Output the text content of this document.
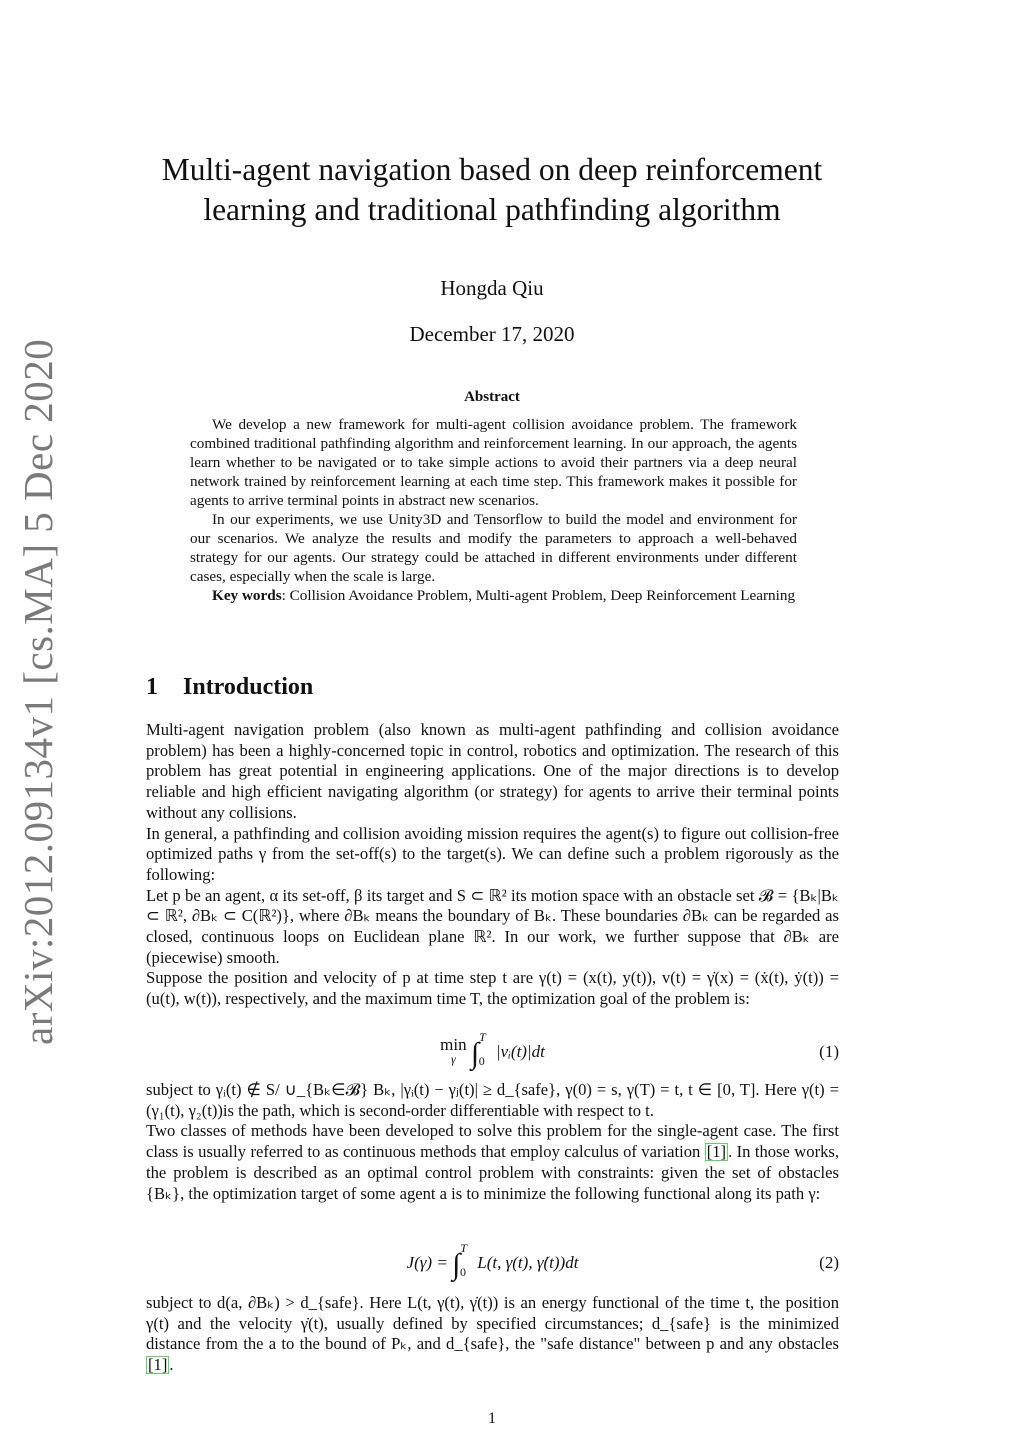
arXiv:2012.09134v1 [cs.MA] 5 Dec 2020
Multi-agent navigation based on deep reinforcement
learning and traditional pathfinding algorithm
Hongda Qiu
December 17, 2020
Abstract

We develop a new framework for multi-agent collision avoidance problem. The framework combined traditional pathfinding algorithm and reinforcement learning. In our approach, the agents learn whether to be navigated or to take simple actions to avoid their partners via a deep neural network trained by reinforcement learning at each time step. This framework makes it possible for agents to arrive terminal points in abstract new scenarios.

In our experiments, we use Unity3D and Tensorflow to build the model and environment for our scenarios. We analyze the results and modify the parameters to approach a well-behaved strategy for our agents. Our strategy could be attached in different environments under different cases, especially when the scale is large.

Key words: Collision Avoidance Problem, Multi-agent Problem, Deep Reinforcement Learning

1 Introduction

Multi-agent navigation problem (also known as multi-agent pathfinding and collision avoidance problem) has been a highly-concerned topic in control, robotics and optimization. The research of this problem has great potential in engineering applications. One of the major directions is to develop reliable and high efficient navigating algorithm (or strategy) for agents to arrive their terminal points without any collisions.

In general, a pathfinding and collision avoiding mission requires the agent(s) to figure out collision-free optimized paths γ from the set-off(s) to the target(s). We can define such a problem rigorously as the following:

Let p be an agent, α its set-off, β its target and S ⊂ ℝ² its motion space with an obstacle set 𝓑 = {Bₖ|Bₖ ⊂ ℝ², ∂Bₖ ⊂ C(ℝ²)}, where ∂Bₖ means the boundary of Bₖ. These boundaries ∂Bₖ can be regarded as closed, continuous loops on Euclidean plane ℝ². In our work, we further suppose that ∂Bₖ are (piecewise) smooth.

Suppose the position and velocity of p at time step t are γ(t) = (x(t), y(t)), v(t) = γ̇(x) = (ẋ(t), ẏ(t)) = (u(t), w(t)), respectively, and the maximum time T, the optimization goal of the problem is:

min
γ ∫$^T_0$ |vᵢ(t)|dt	(1)

subject to γᵢ(t) ∉ S/ ∪_{Bₖ∈𝓑} Bₖ, |γᵢ(t) − γⱼ(t)| ≥ d_{safe}, γ(0) = s, γ(T) = t, t ∈ [0, T]. Here γ(t) = (γ₁(t), γ₂(t))is the path, which is second-order differentiable with respect to t.

Two classes of methods have been developed to solve this problem for the single-agent case. The first class is usually referred to as continuous methods that employ calculus of variation [1] . In those works, the problem is described as an optimal control problem with constraints: given the set of obstacles {Bₖ}, the optimization target of some agent a is to minimize the following functional along its path γ:

J(γ) = ∫$^T_0$ L(t, γ(t), γ̇(t))dt	(2)

subject to d(a, ∂Bₖ) > d_{safe}. Here L(t, γ(t), γ̇(t)) is an energy functional of the time t, the position γ(t) and the velocity γ̇(t), usually defined by specified circumstances; d_{safe} is the minimized distance from the a to the bound of Pₖ, and d_{safe}, the "safe distance" between p and any obstacles [1] .

1
